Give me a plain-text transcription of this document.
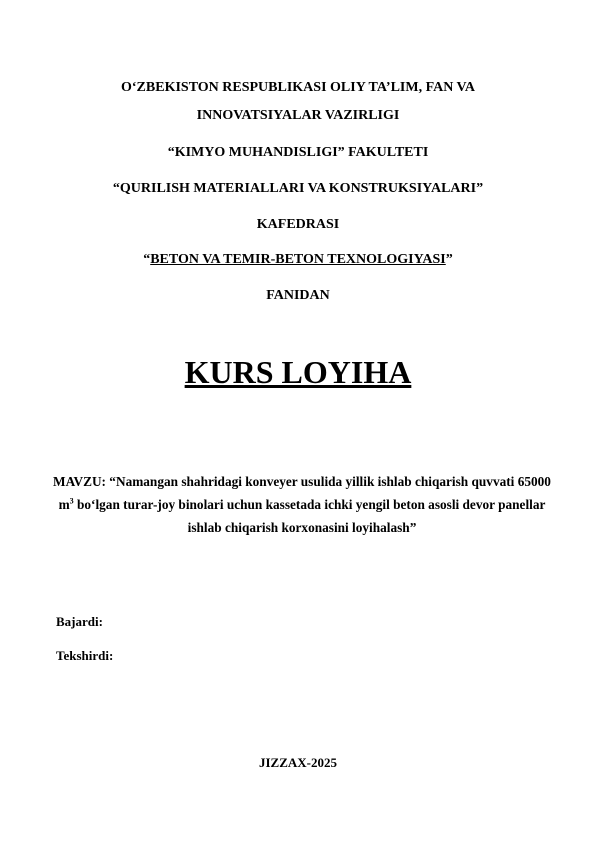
O‘ZBEKISTON RESPUBLIKASI OLIY TA’LIM, FAN VA
INNOVATSIYALAR VAZIRLIGI
“KIMYO MUHANDISLIGI” FAKULTETI
“QURILISH MATERIALLARI VA KONSTRUKSIYALARI”
KAFEDRASI
“BETON VA TEMIR-BETON TEXNOLOGIYASI”
FANIDAN
KURS LOYIHA
MAVZU: “Namangan shahridagi konveyer usulida yillik ishlab chiqarish quvvati 65000 $m^3$ bo‘lgan turar-joy binolari uchun kassetada ichki yengil beton asosli devor panellar ishlab chiqarish korxonasini loyihalash”
Bajardi:
Tekshirdi:
JIZZAX-2025
